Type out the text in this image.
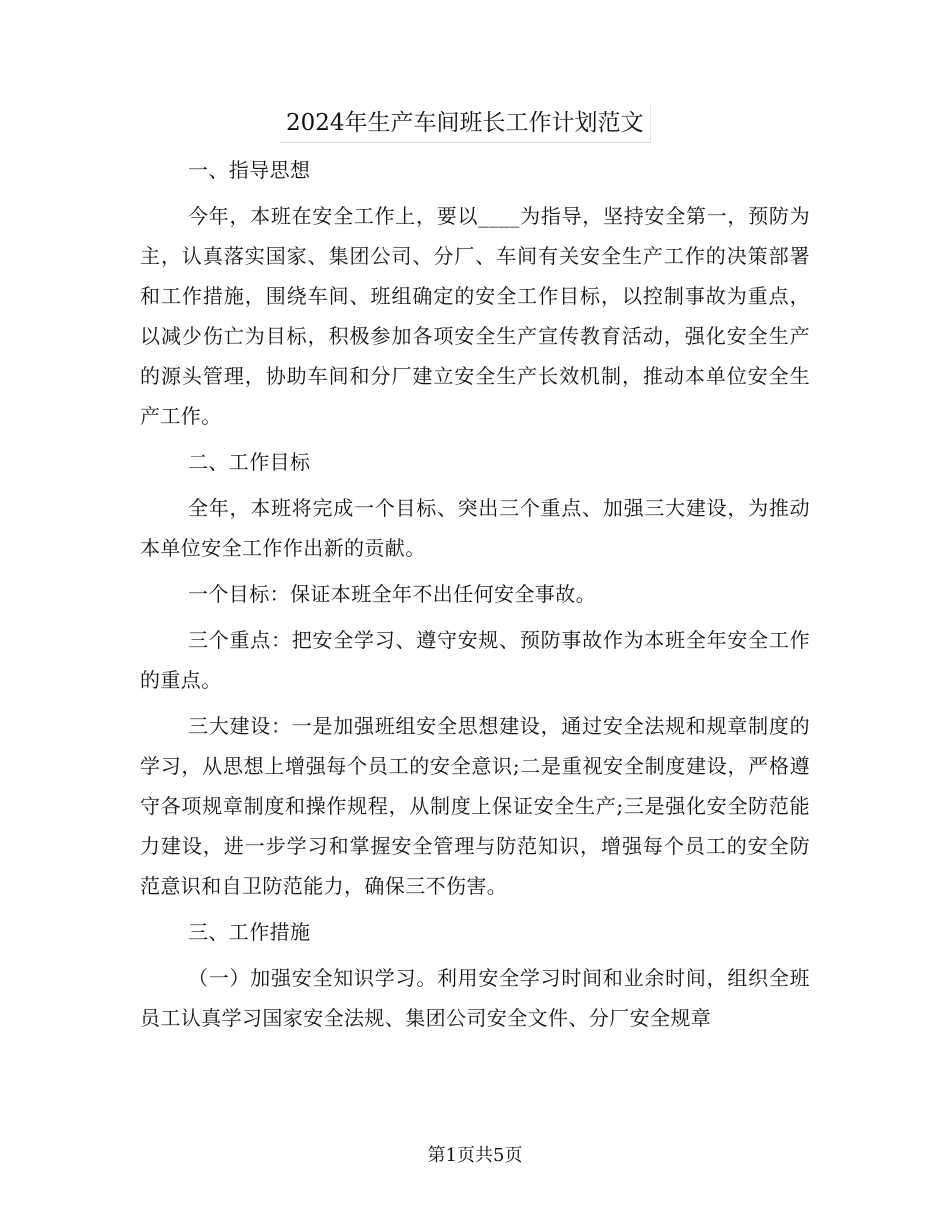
2024年生产车间班长工作计划范文

一、指导思想

今年，本班在安全工作上，要以____为指导，坚持安全第一，预防为主，认真落实国家、集团公司、分厂、车间有关安全生产工作的决策部署和工作措施，围绕车间、班组确定的安全工作目标，以控制事故为重点，以减少伤亡为目标，积极参加各项安全生产宣传教育活动，强化安全生产的源头管理，协助车间和分厂建立安全生产长效机制，推动本单位安全生产工作。

二、工作目标

全年，本班将完成一个目标、突出三个重点、加强三大建设，为推动本单位安全工作作出新的贡献。

一个目标：保证本班全年不出任何安全事故。

三个重点：把安全学习、遵守安规、预防事故作为本班全年安全工作的重点。

三大建设：一是加强班组安全思想建设，通过安全法规和规章制度的学习，从思想上增强每个员工的安全意识;二是重视安全制度建设，严格遵守各项规章制度和操作规程，从制度上保证安全生产;三是强化安全防范能力建设，进一步学习和掌握安全管理与防范知识，增强每个员工的安全防范意识和自卫防范能力，确保三不伤害。

三、工作措施

（一）加强安全知识学习。利用安全学习时间和业余时间，组织全班员工认真学习国家安全法规、集团公司安全文件、分厂安全规章

第1页共5页
